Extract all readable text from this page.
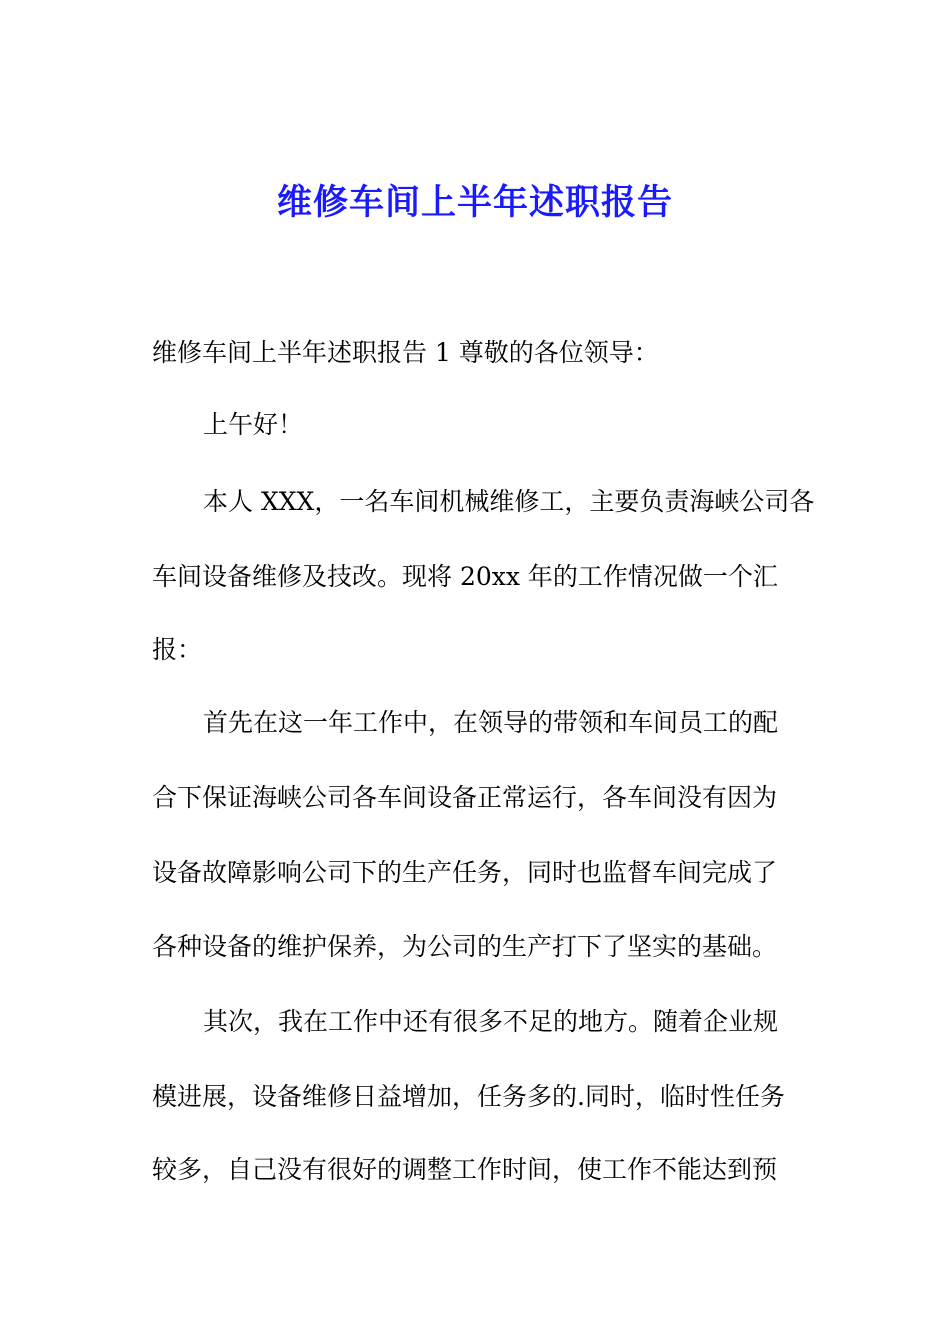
维修车间上半年述职报告
维修车间上半年述职报告 1 尊敬的各位领导：
上午好！
本人 XXX，一名车间机械维修工，主要负责海峡公司各
车间设备维修及技改。现将 20xx 年的工作情况做一个汇
报：
首先在这一年工作中，在领导的带领和车间员工的配
合下保证海峡公司各车间设备正常运行，各车间没有因为
设备故障影响公司下的生产任务，同时也监督车间完成了
各种设备的维护保养，为公司的生产打下了坚实的基础。
其次，我在工作中还有很多不足的地方。随着企业规
模进展，设备维修日益增加，任务多的.同时，临时性任务
较多，自己没有很好的调整工作时间，使工作不能达到预
